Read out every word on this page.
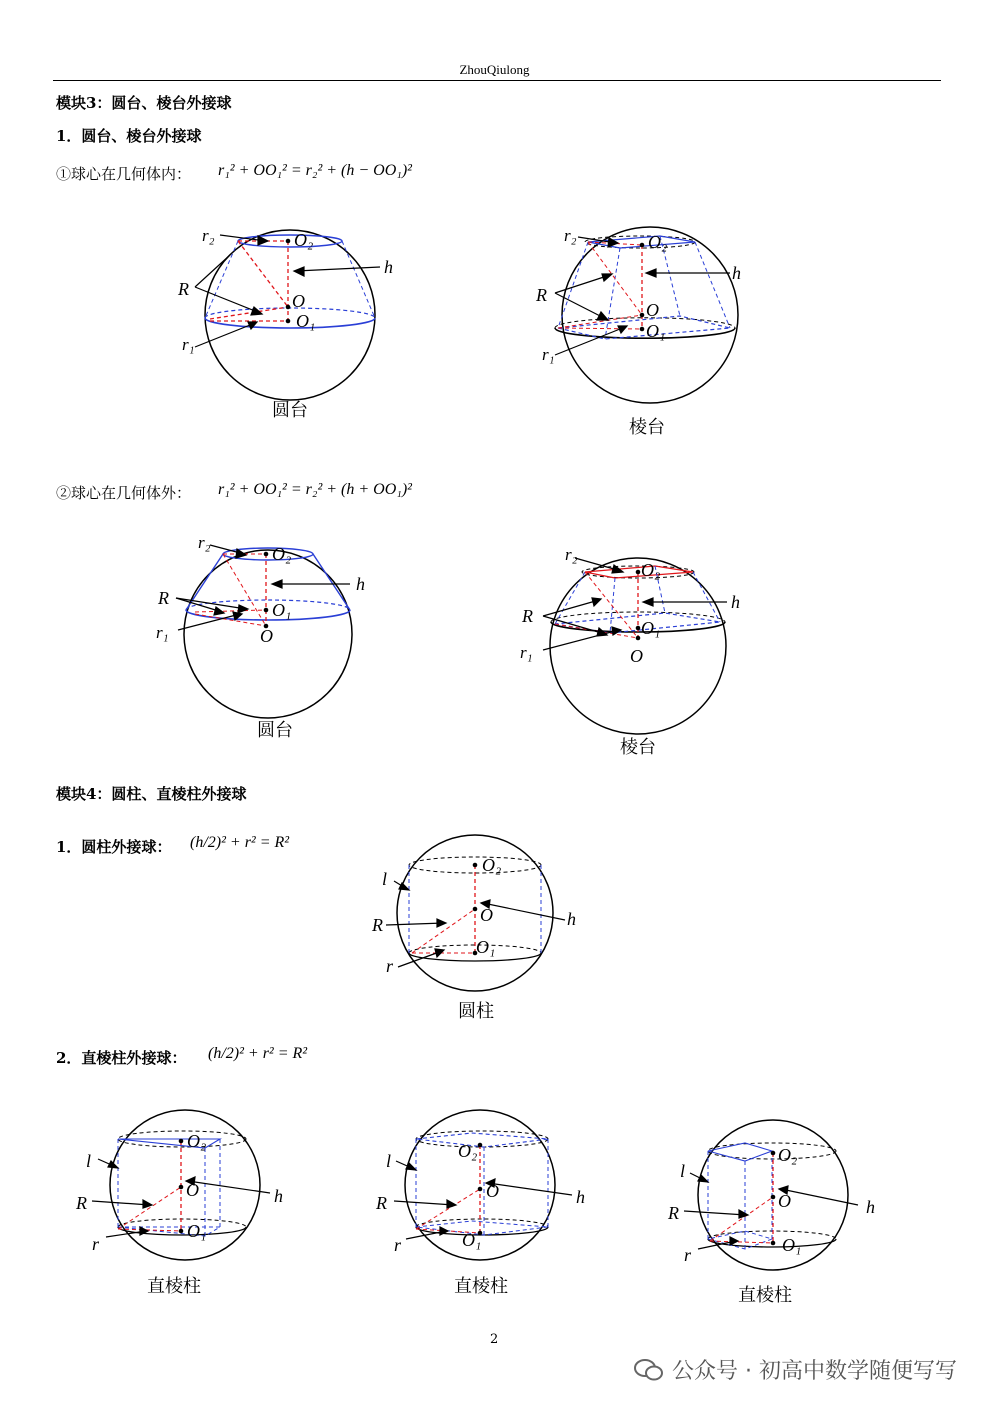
ZhouQiulong
模块3：圆台、棱台外接球
1．圆台、棱台外接球
①球心在几何体内： r₁² + OO₁² = r₂² + (h − OO₁)²
r₂	O₂
h
R
O
O₁
r₁
圆台
r₂	O₂
h
R
O
O₁
r₁
棱台
②球心在几何体外： r₁² + OO₁² = r₂² + (h + OO₁)²
r₂
O₂
h
R
O₁
O
r₁
圆台
r₂
O₂
h
R
O₁
O
r₁
棱台
模块4：圆柱、直棱柱外接球
1．圆柱外接球： (h/2)² + r² = R²
l
O₂
O	h
R
O₁
r
圆柱
2．直棱柱外接球： (h/2)² + r² = R²
l
O₂
O	h
R
O₁
r
直棱柱
l	O₂
O	h
R
O₁
r
直棱柱
l
O₂
O	h
R
O₁
r
直棱柱
2
公众号 · 初高中数学随便写写
